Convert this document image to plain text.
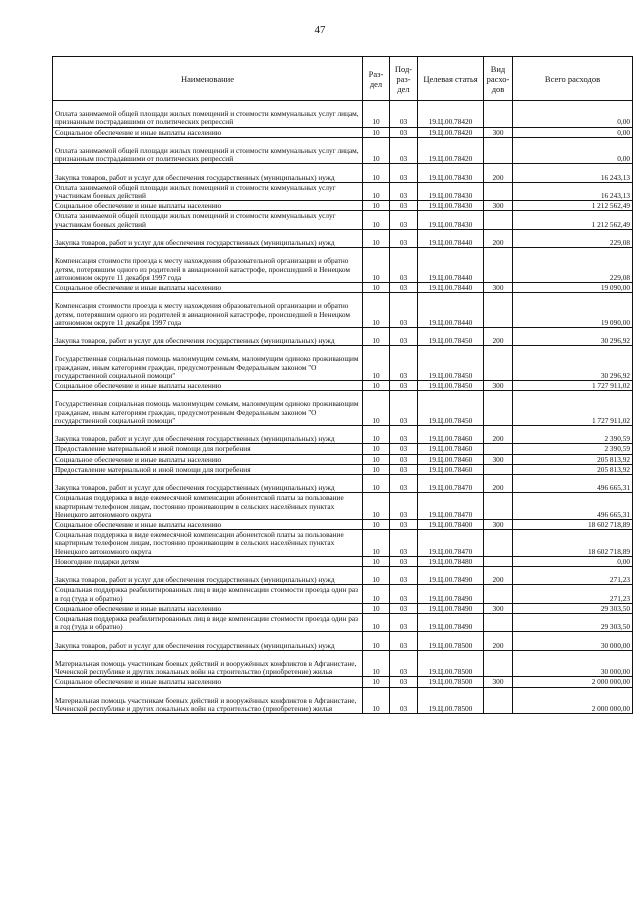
47
Наименование	Раз-дел	Под-раз-дел	Целевая статья	Вид расхо-дов	Всего расходов
Оплата занимаемой общей площади жилых помещений и стоимости коммунальных услуг лицам, признанным пострадавшими от политических репрессий	10	03	19.Ц.00.78420		0,00
Социальное обеспечение и иные выплаты населению	10	03	19.Ц.00.78420	300	0,00
Оплата занимаемой общей площади жилых помещений и стоимости коммунальных услуг лицам, признанным пострадавшими от политических репрессий	10	03	19.Ц.00.78420		0,00
Закупка товаров, работ и услуг для обеспечения государственных (муниципальных) нужд	10	03	19.Ц.00.78430	200	16 243,13
Оплата занимаемой общей площади жилых помещений и стоимости коммунальных услуг участникам боевых действий	10	03	19.Ц.00.78430		16 243,13
Социальное обеспечение и иные выплаты населению	10	03	19.Ц.00.78430	300	1 212 562,49
Оплата занимаемой общей площади жилых помещений и стоимости коммунальных услуг участникам боевых действий	10	03	19.Ц.00.78430		1 212 562,49
Закупка товаров, работ и услуг для обеспечения государственных (муниципальных) нужд	10	03	19.Ц.00.78440	200	229,08
Компенсация стоимости проезда к месту нахождения образовательной организации и обратно детям, потерявшим одного из родителей в авиационной катастрофе, происшедшей в Ненецком автономном округе 11 декабря 1997 года	10	03	19.Ц.00.78440		229,08
Социальное обеспечение и иные выплаты населению	10	03	19.Ц.00.78440	300	19 090,00
Компенсация стоимости проезда к месту нахождения образовательной организации и обратно детям, потерявшим одного из родителей в авиационной катастрофе, происшедшей в Ненецком автономном округе 11 декабря 1997 года	10	03	19.Ц.00.78440		19 090,00
Закупка товаров, работ и услуг для обеспечения государственных (муниципальных) нужд	10	03	19.Ц.00.78450	200	30 296,92
Государственная социальная помощь малоимущим семьям, малоимущим одиноко проживающим гражданам, иным категориям граждан, предусмотренным Федеральным законом "О государственной социальной помощи"	10	03	19.Ц.00.78450		30 296,92
Социальное обеспечение и иные выплаты населению	10	03	19.Ц.00.78450	300	1 727 911,02
Государственная социальная помощь малоимущим семьям, малоимущим одиноко проживающим гражданам, иным категориям граждан, предусмотренным Федеральным законом "О государственной социальной помощи"	10	03	19.Ц.00.78450		1 727 911,02
Закупка товаров, работ и услуг для обеспечения государственных (муниципальных) нужд	10	03	19.Ц.00.78460	200	2 390,59
Предоставление материальной и иной помощи для погребения	10	03	19.Ц.00.78460		2 390,59
Социальное обеспечение и иные выплаты населению	10	03	19.Ц.00.78460	300	205 813,92
Предоставление материальной и иной помощи для погребения	10	03	19.Ц.00.78460		205 813,92
Закупка товаров, работ и услуг для обеспечения государственных (муниципальных) нужд	10	03	19.Ц.00.78470	200	496 665,31
Социальная поддержка в виде ежемесячной компенсации абонентской платы за пользование квартирным телефоном лицам, постоянно проживающим в сельских населённых пунктах Ненецкого автономного округа	10	03	19.Ц.00.78470		496 665,31
Социальное обеспечение и иные выплаты населению	10	03	19.Ц.00.78400	300	18 602 718,89
Социальная поддержка в виде ежемесячной компенсации абонентской платы за пользование квартирным телефоном лицам, постоянно проживающим в сельских населённых пунктах Ненецкого автономного округа	10	03	19.Ц.00.78470		18 602 718,89
Новогодние подарки детям	10	03	19.Ц.00.78480		0,00
Закупка товаров, работ и услуг для обеспечения государственных (муниципальных) нужд	10	03	19.Ц.00.78490	200	271,23
Социальная поддержка реабилитированных лиц в виде компенсации стоимости проезда один раз в год (туда и обратно)	10	03	19.Ц.00.78490		271,23
Социальное обеспечение и иные выплаты населению	10	03	19.Ц.00.78490	300	29 303,50
Социальная поддержка реабилитированных лиц в виде компенсации стоимости проезда один раз в год (туда и обратно)	10	03	19.Ц.00.78490		29 303,50
Закупка товаров, работ и услуг для обеспечения государственных (муниципальных) нужд	10	03	19.Ц.00.78500	200	30 000,00
Материальная помощь участникам боевых действий и вооружённых конфликтов в Афганистане, Чеченской республике и других локальных войн на строительство (приобретение) жилья	10	03	19.Ц.00.78500		30 000,00
Социальное обеспечение и иные выплаты населению	10	03	19.Ц.00.78500	300	2 000 000,00
Материальная помощь участникам боевых действий и вооружённых конфликтов в Афганистане, Чеченской республике и других локальных войн на строительство (приобретение) жилья	10	03	19.Ц.00.78500		2 000 000,00
